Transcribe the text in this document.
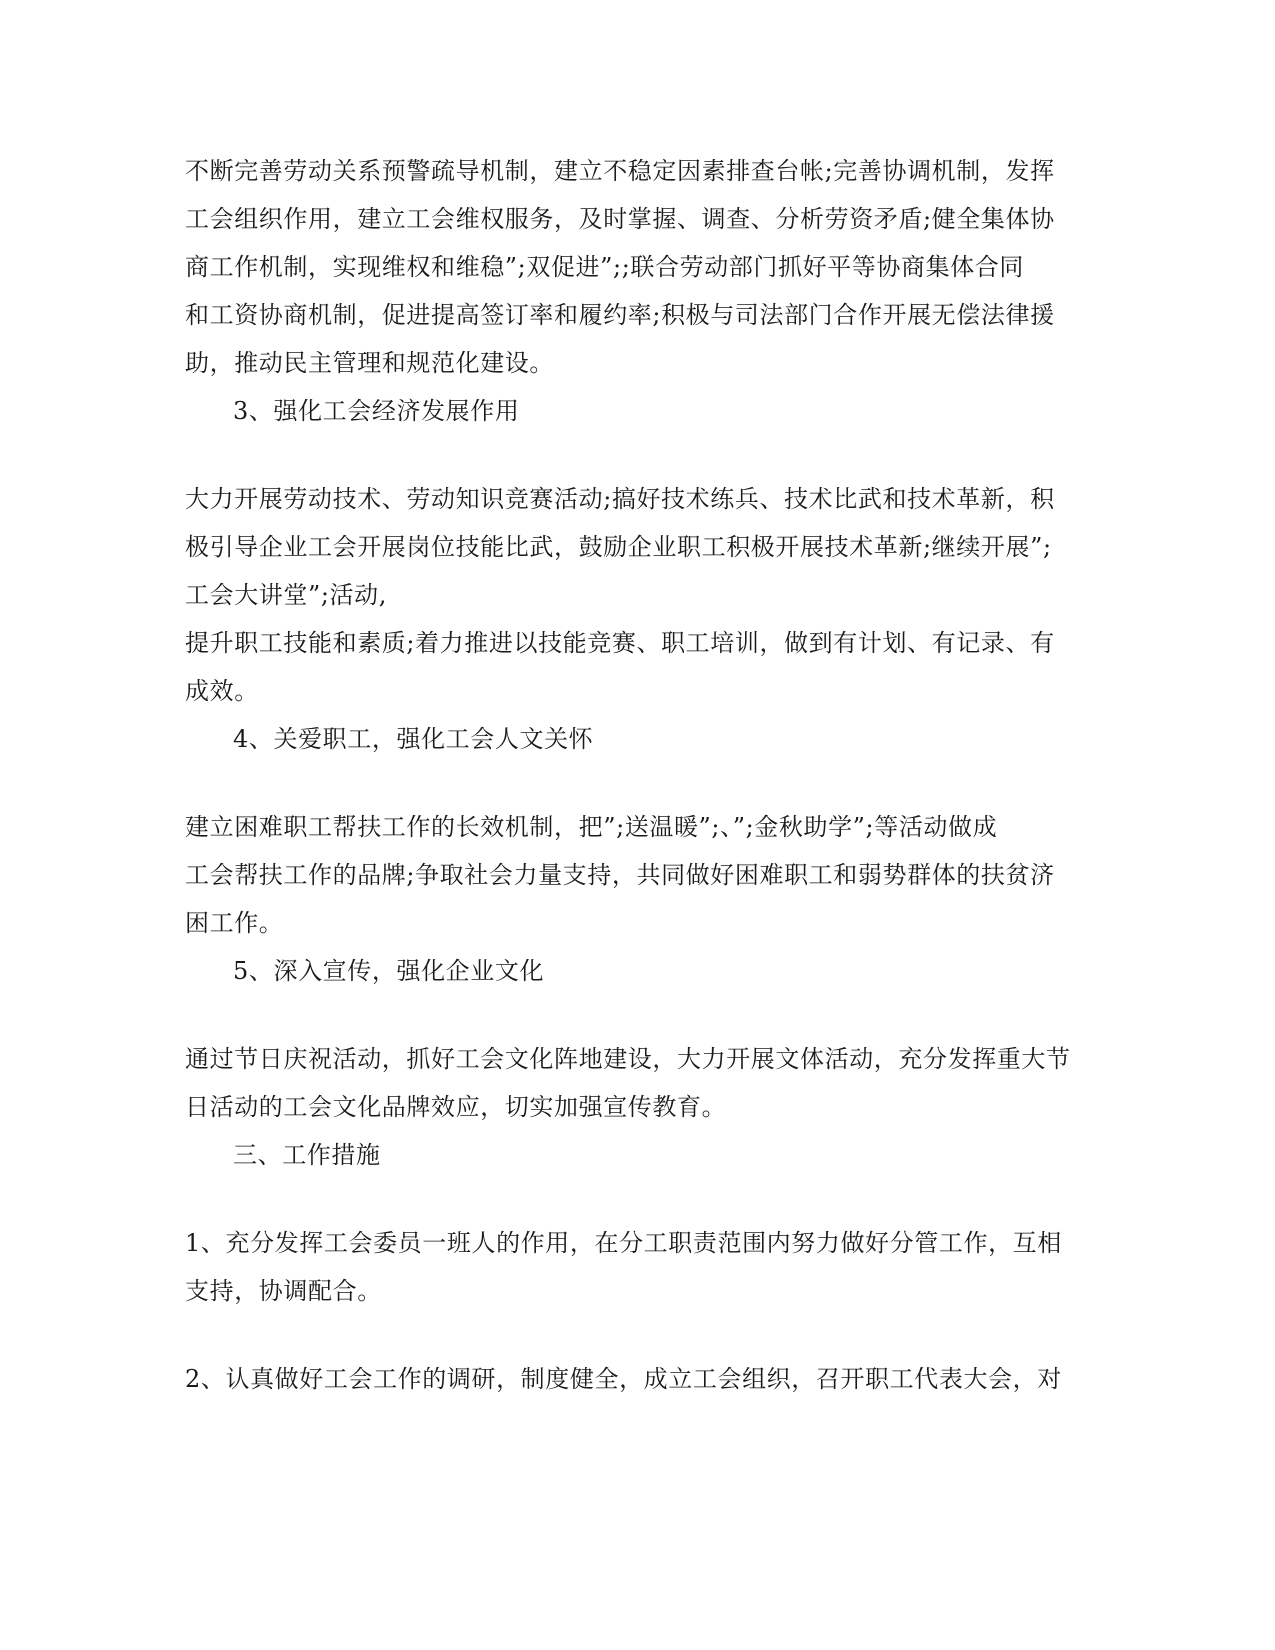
不断完善劳动关系预警疏导机制，建立不稳定因素排查台帐;完善协调机制，发挥
工会组织作用，建立工会维权服务，及时掌握、调查、分析劳资矛盾;健全集体协
商工作机制，实现维权和维稳”;双促进”;;联合劳动部门抓好平等协商集体合同
和工资协商机制，促进提高签订率和履约率;积极与司法部门合作开展无偿法律援
助，推动民主管理和规范化建设。
3、强化工会经济发展作用
大力开展劳动技术、劳动知识竞赛活动;搞好技术练兵、技术比武和技术革新，积
极引导企业工会开展岗位技能比武，鼓励企业职工积极开展技术革新;继续开展”;
工会大讲堂”;活动,
提升职工技能和素质;着力推进以技能竞赛、职工培训，做到有计划、有记录、有
成效。
4、关爱职工，强化工会人文关怀
建立困难职工帮扶工作的长效机制，把”;送温暖”;、”;金秋助学”;等活动做成
工会帮扶工作的品牌;争取社会力量支持，共同做好困难职工和弱势群体的扶贫济
困工作。
5、深入宣传，强化企业文化
通过节日庆祝活动，抓好工会文化阵地建设，大力开展文体活动，充分发挥重大节
日活动的工会文化品牌效应，切实加强宣传教育。
三、工作措施
1、充分发挥工会委员一班人的作用，在分工职责范围内努力做好分管工作，互相
支持，协调配合。
2、认真做好工会工作的调研，制度健全，成立工会组织，召开职工代表大会，对
